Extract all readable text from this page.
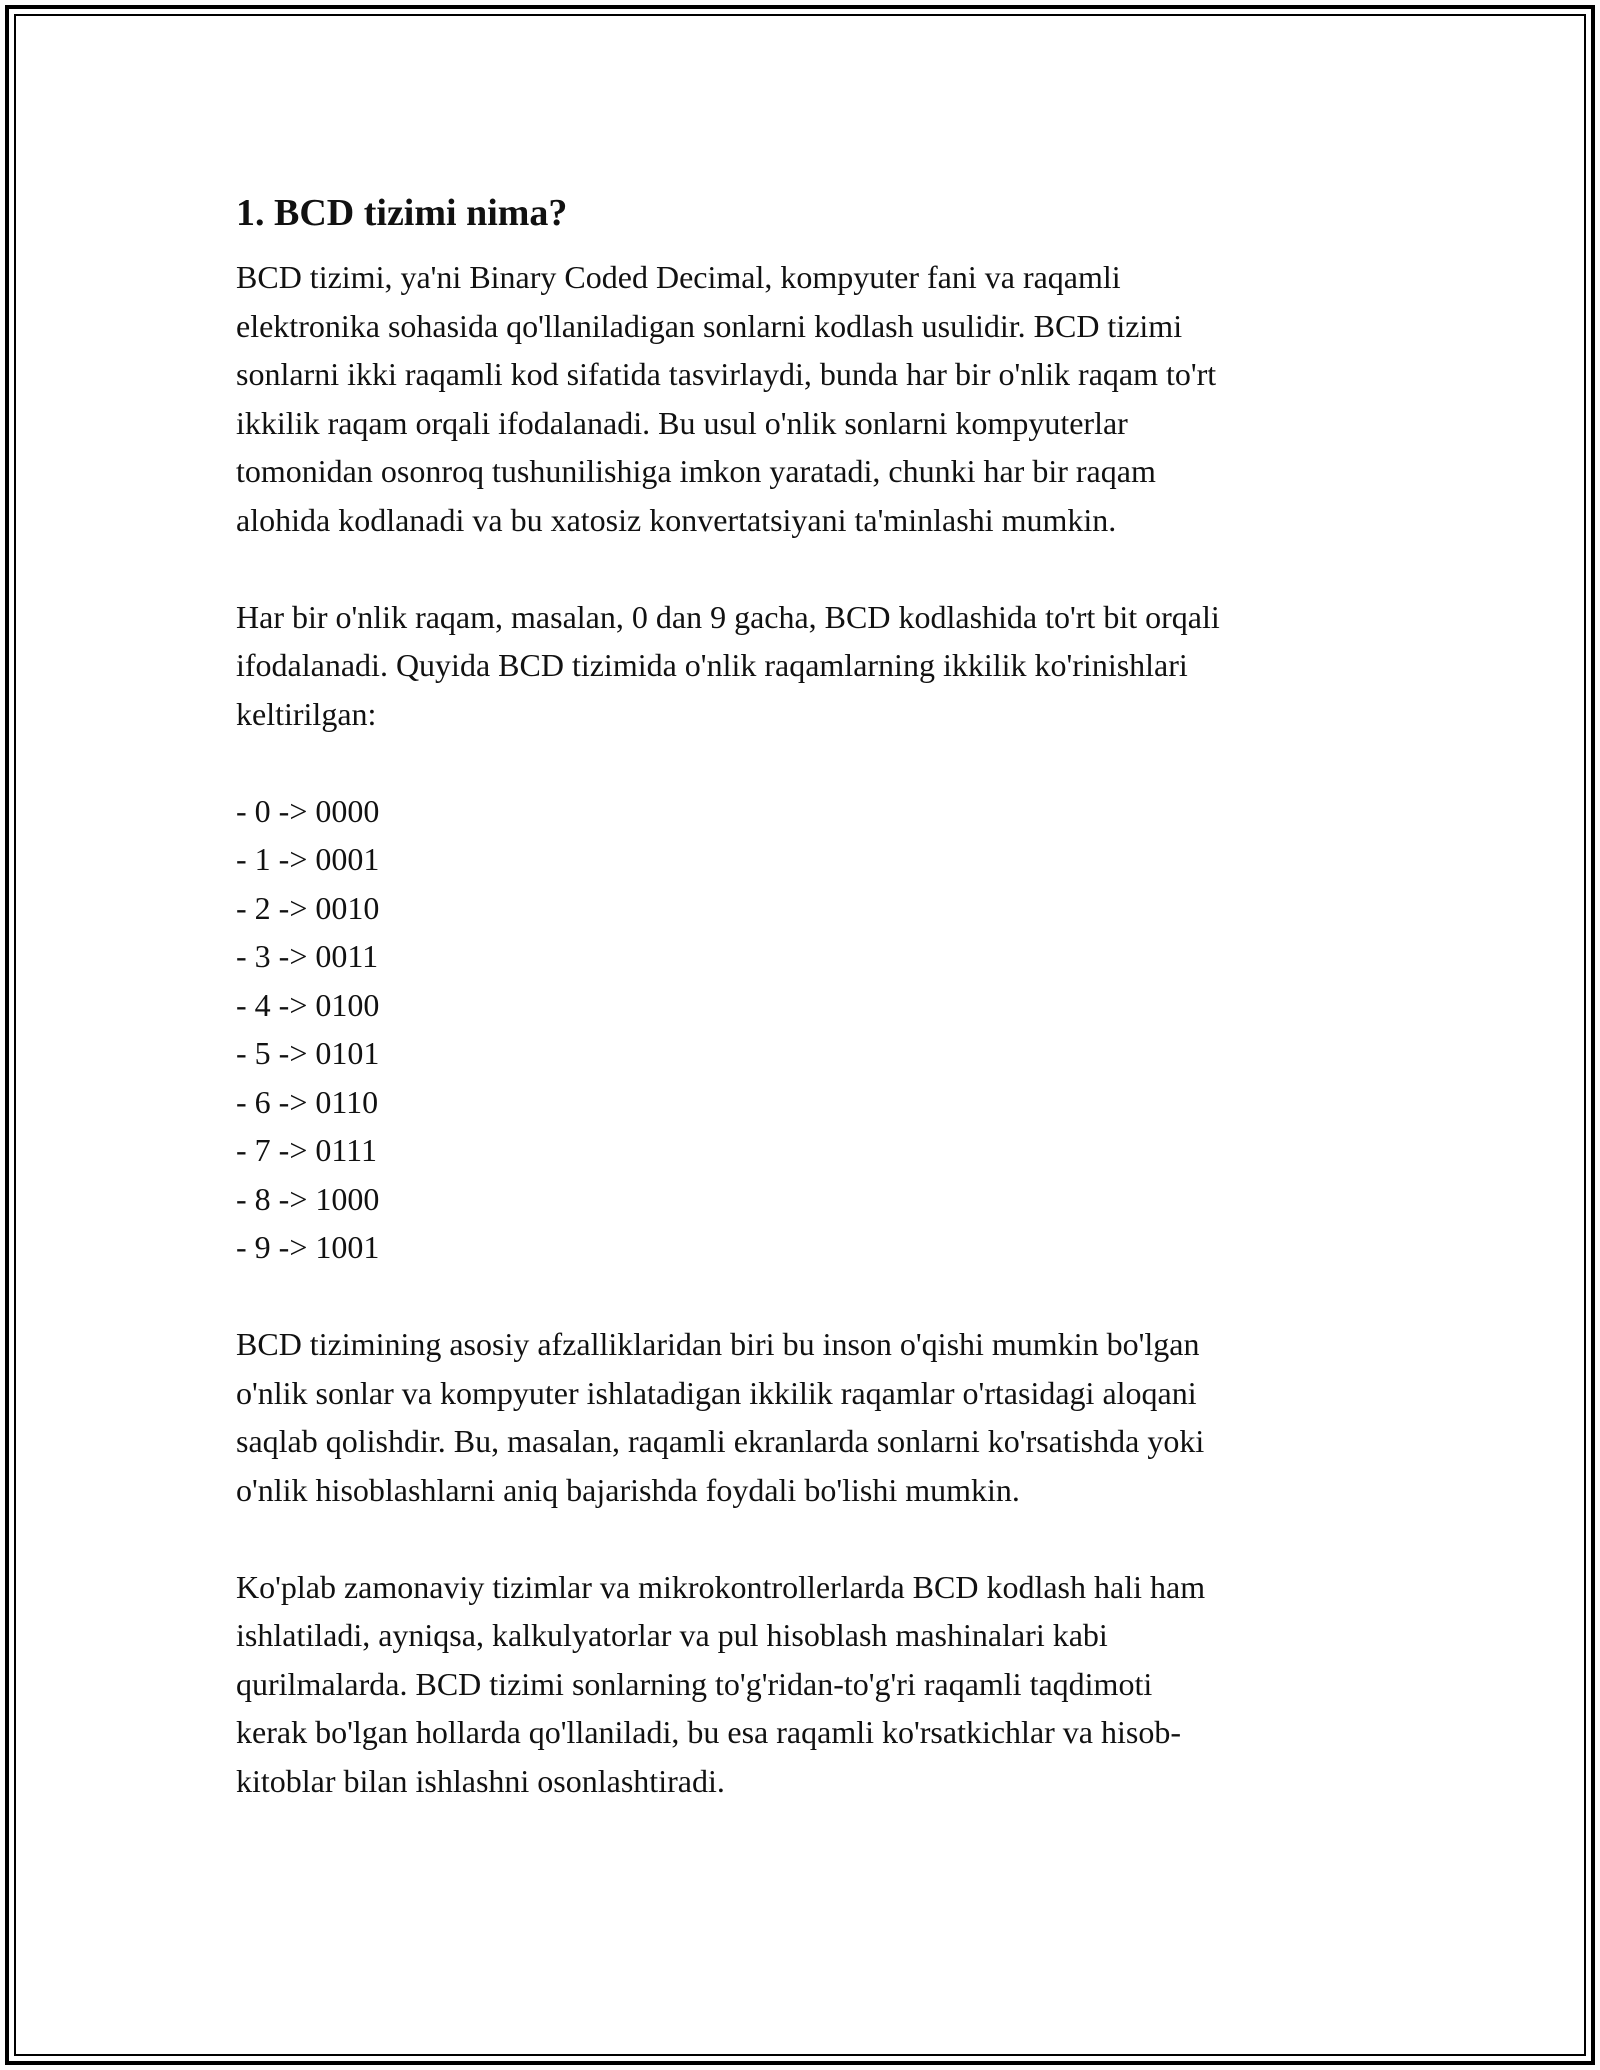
1. BCD tizimi nima?

BCD tizimi, ya'ni Binary Coded Decimal, kompyuter fani va raqamli

elektronika sohasida qo'llaniladigan sonlarni kodlash usulidir. BCD tizimi

sonlarni ikki raqamli kod sifatida tasvirlaydi, bunda har bir o'nlik raqam to'rt

ikkilik raqam orqali ifodalanadi. Bu usul o'nlik sonlarni kompyuterlar

tomonidan osonroq tushunilishiga imkon yaratadi, chunki har bir raqam

alohida kodlanadi va bu xatosiz konvertatsiyani ta'minlashi mumkin.

Har bir o'nlik raqam, masalan, 0 dan 9 gacha, BCD kodlashida to'rt bit orqali

ifodalanadi. Quyida BCD tizimida o'nlik raqamlarning ikkilik ko'rinishlari

keltirilgan:

- 0 -> 0000

- 1 -> 0001

- 2 -> 0010

- 3 -> 0011

- 4 -> 0100

- 5 -> 0101

- 6 -> 0110

- 7 -> 0111

- 8 -> 1000

- 9 -> 1001

BCD tizimining asosiy afzalliklaridan biri bu inson o'qishi mumkin bo'lgan

o'nlik sonlar va kompyuter ishlatadigan ikkilik raqamlar o'rtasidagi aloqani

saqlab qolishdir. Bu, masalan, raqamli ekranlarda sonlarni ko'rsatishda yoki

o'nlik hisoblashlarni aniq bajarishda foydali bo'lishi mumkin.

Ko'plab zamonaviy tizimlar va mikrokontrollerlarda BCD kodlash hali ham

ishlatiladi, ayniqsa, kalkulyatorlar va pul hisoblash mashinalari kabi

qurilmalarda. BCD tizimi sonlarning to'g'ridan-to'g'ri raqamli taqdimoti

kerak bo'lgan hollarda qo'llaniladi, bu esa raqamli ko'rsatkichlar va hisob-

kitoblar bilan ishlashni osonlashtiradi.
